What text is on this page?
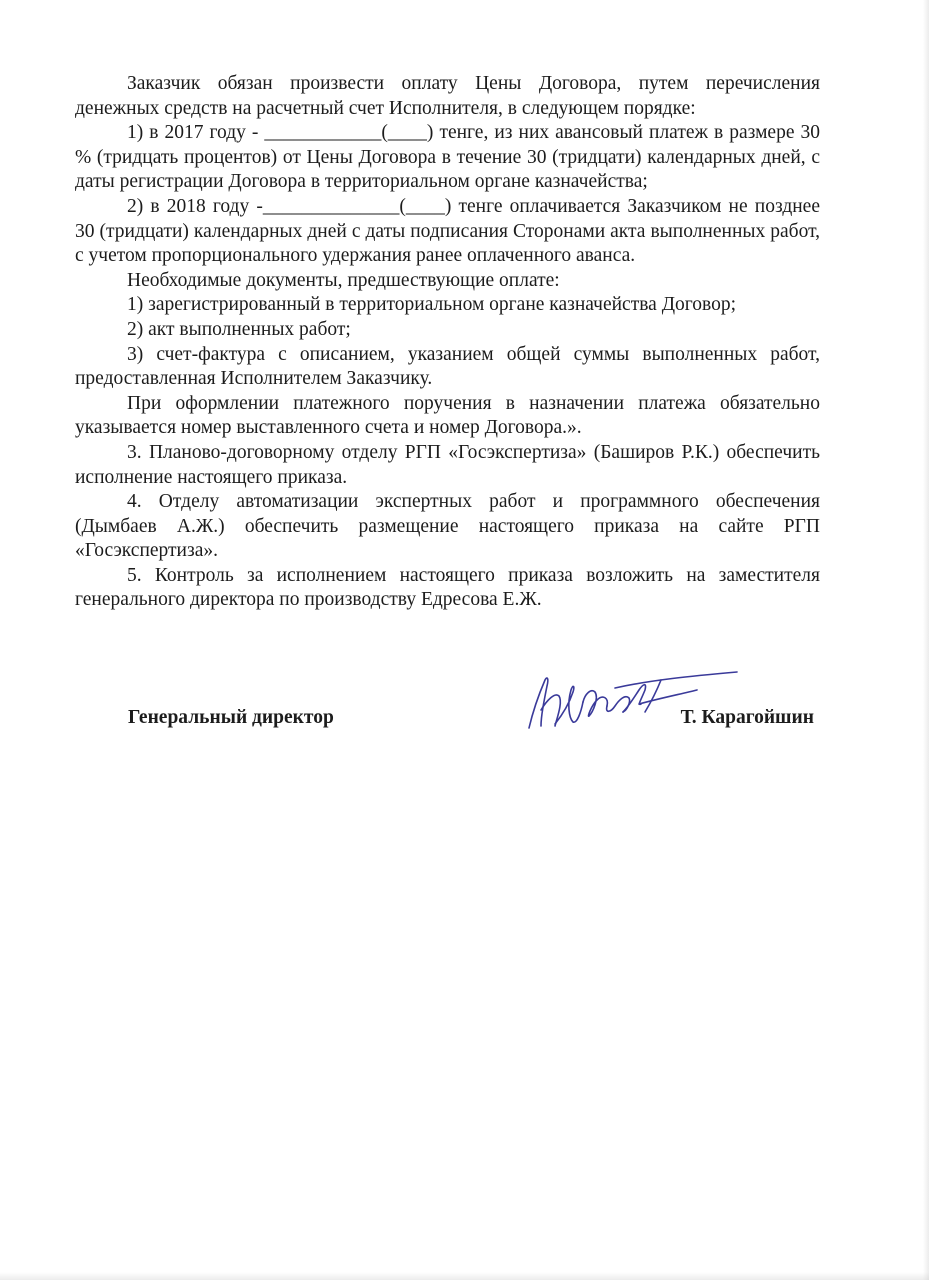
Заказчик обязан произвести оплату Цены Договора, путем перечисления денежных средств на расчетный счет Исполнителя, в следующем порядке:

1) в 2017 году - ____________(____) тенге, из них авансовый платеж в размере 30 % (тридцать процентов) от Цены Договора в течение 30 (тридцати) календарных дней, с даты регистрации Договора в территориальном органе казначейства;

2) в 2018 году -______________(____) тенге оплачивается Заказчиком не позднее 30 (тридцати) календарных дней с даты подписания Сторонами акта выполненных работ, с учетом пропорционального удержания ранее оплаченного аванса.

Необходимые документы, предшествующие оплате:

1) зарегистрированный в территориальном органе казначейства Договор;

2) акт выполненных работ;

3) счет-фактура с описанием, указанием общей суммы выполненных работ, предоставленная Исполнителем Заказчику.

При оформлении платежного поручения в назначении платежа обязательно указывается номер выставленного счета и номер Договора.».

3. Планово-договорному отделу РГП «Госэкспертиза» (Баширов Р.К.) обеспечить исполнение настоящего приказа.

4. Отделу автоматизации экспертных работ и программного обеспечения (Дымбаев А.Ж.) обеспечить размещение настоящего приказа на сайте РГП «Госэкспертиза».

5. Контроль за исполнением настоящего приказа возложить на заместителя генерального директора по производству Едресова Е.Ж.

Генеральный директор	Т. Карагойшин
